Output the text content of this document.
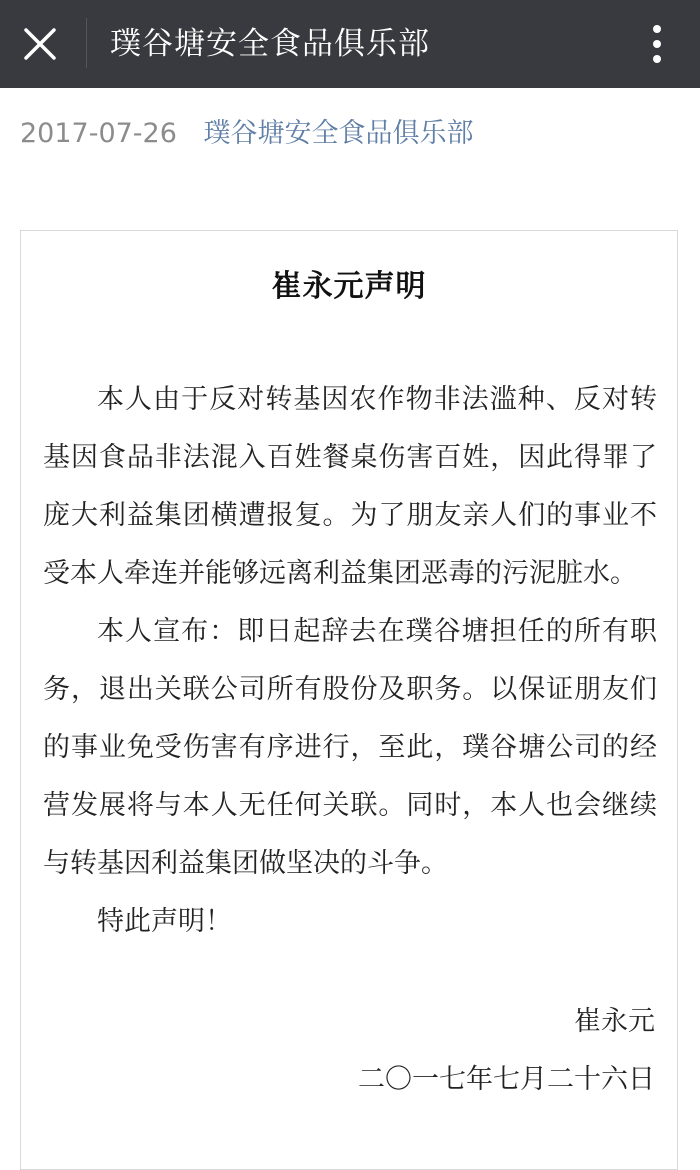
璞谷塘安全食品俱乐部
2017-07-26 璞谷塘安全食品俱乐部
崔永元声明

本人由于反对转基因农作物非法滥种、反对转基因食品非法混入百姓餐桌伤害百姓，因此得罪了庞大利益集团横遭报复。为了朋友亲人们的事业不受本人牵连并能够远离利益集团恶毒的污泥脏水。

本人宣布：即日起辞去在璞谷塘担任的所有职务，退出关联公司所有股份及职务。以保证朋友们的事业免受伤害有序进行，至此，璞谷塘公司的经营发展将与本人无任何关联。同时，本人也会继续与转基因利益集团做坚决的斗争。

特此声明！

崔永元
二〇一七年七月二十六日
